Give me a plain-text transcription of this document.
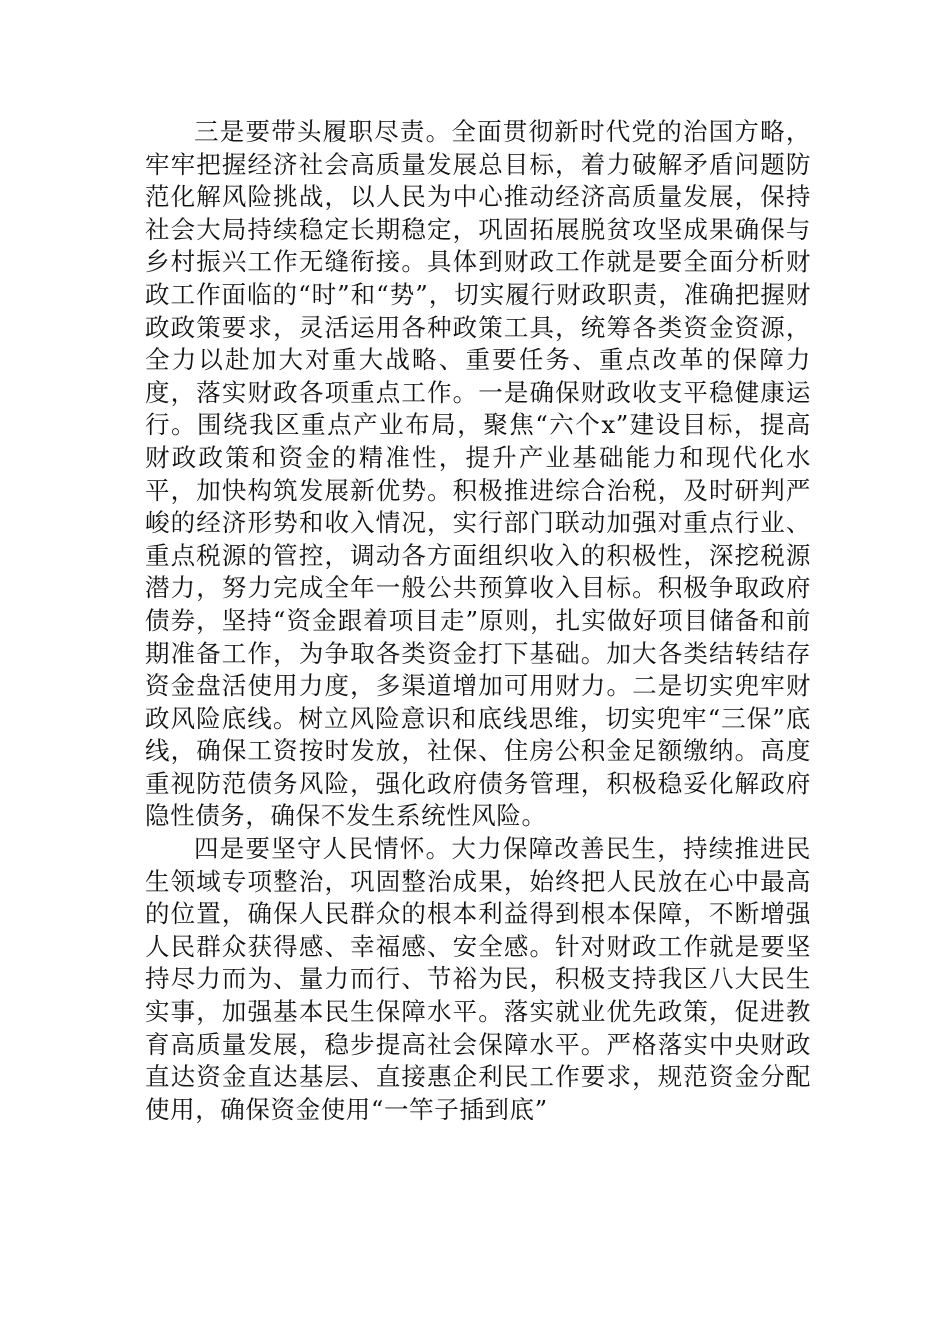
三是要带头履职尽责。全面贯彻新时代党的治国方略，牢牢把握经济社会高质量发展总目标，着力破解矛盾问题防范化解风险挑战，以人民为中心推动经济高质量发展，保持社会大局持续稳定长期稳定，巩固拓展脱贫攻坚成果确保与乡村振兴工作无缝衔接。具体到财政工作就是要全面分析财政工作面临的“时”和“势”，切实履行财政职责，准确把握财政政策要求，灵活运用各种政策工具，统筹各类资金资源，全力以赴加大对重大战略、重要任务、重点改革的保障力度，落实财政各项重点工作。一是确保财政收支平稳健康运行。围绕我区重点产业布局，聚焦“六个x”建设目标，提高财政政策和资金的精准性，提升产业基础能力和现代化水平，加快构筑发展新优势。积极推进综合治税，及时研判严峻的经济形势和收入情况，实行部门联动加强对重点行业、重点税源的管控，调动各方面组织收入的积极性，深挖税源潜力，努力完成全年一般公共预算收入目标。积极争取政府债券，坚持“资金跟着项目走”原则，扎实做好项目储备和前期准备工作，为争取各类资金打下基础。加大各类结转结存资金盘活使用力度，多渠道增加可用财力。二是切实兜牢财政风险底线。树立风险意识和底线思维，切实兜牢“三保”底线，确保工资按时发放，社保、住房公积金足额缴纳。高度重视防范债务风险，强化政府债务管理，积极稳妥化解政府隐性债务，确保不发生系统性风险。

四是要坚守人民情怀。大力保障改善民生，持续推进民生领域专项整治，巩固整治成果，始终把人民放在心中最高的位置，确保人民群众的根本利益得到根本保障，不断增强人民群众获得感、幸福感、安全感。针对财政工作就是要坚持尽力而为、量力而行、节裕为民，积极支持我区八大民生实事，加强基本民生保障水平。落实就业优先政策，促进教育高质量发展，稳步提高社会保障水平。严格落实中央财政直达资金直达基层、直接惠企利民工作要求，规范资金分配使用，确保资金使用“一竿子插到底”
